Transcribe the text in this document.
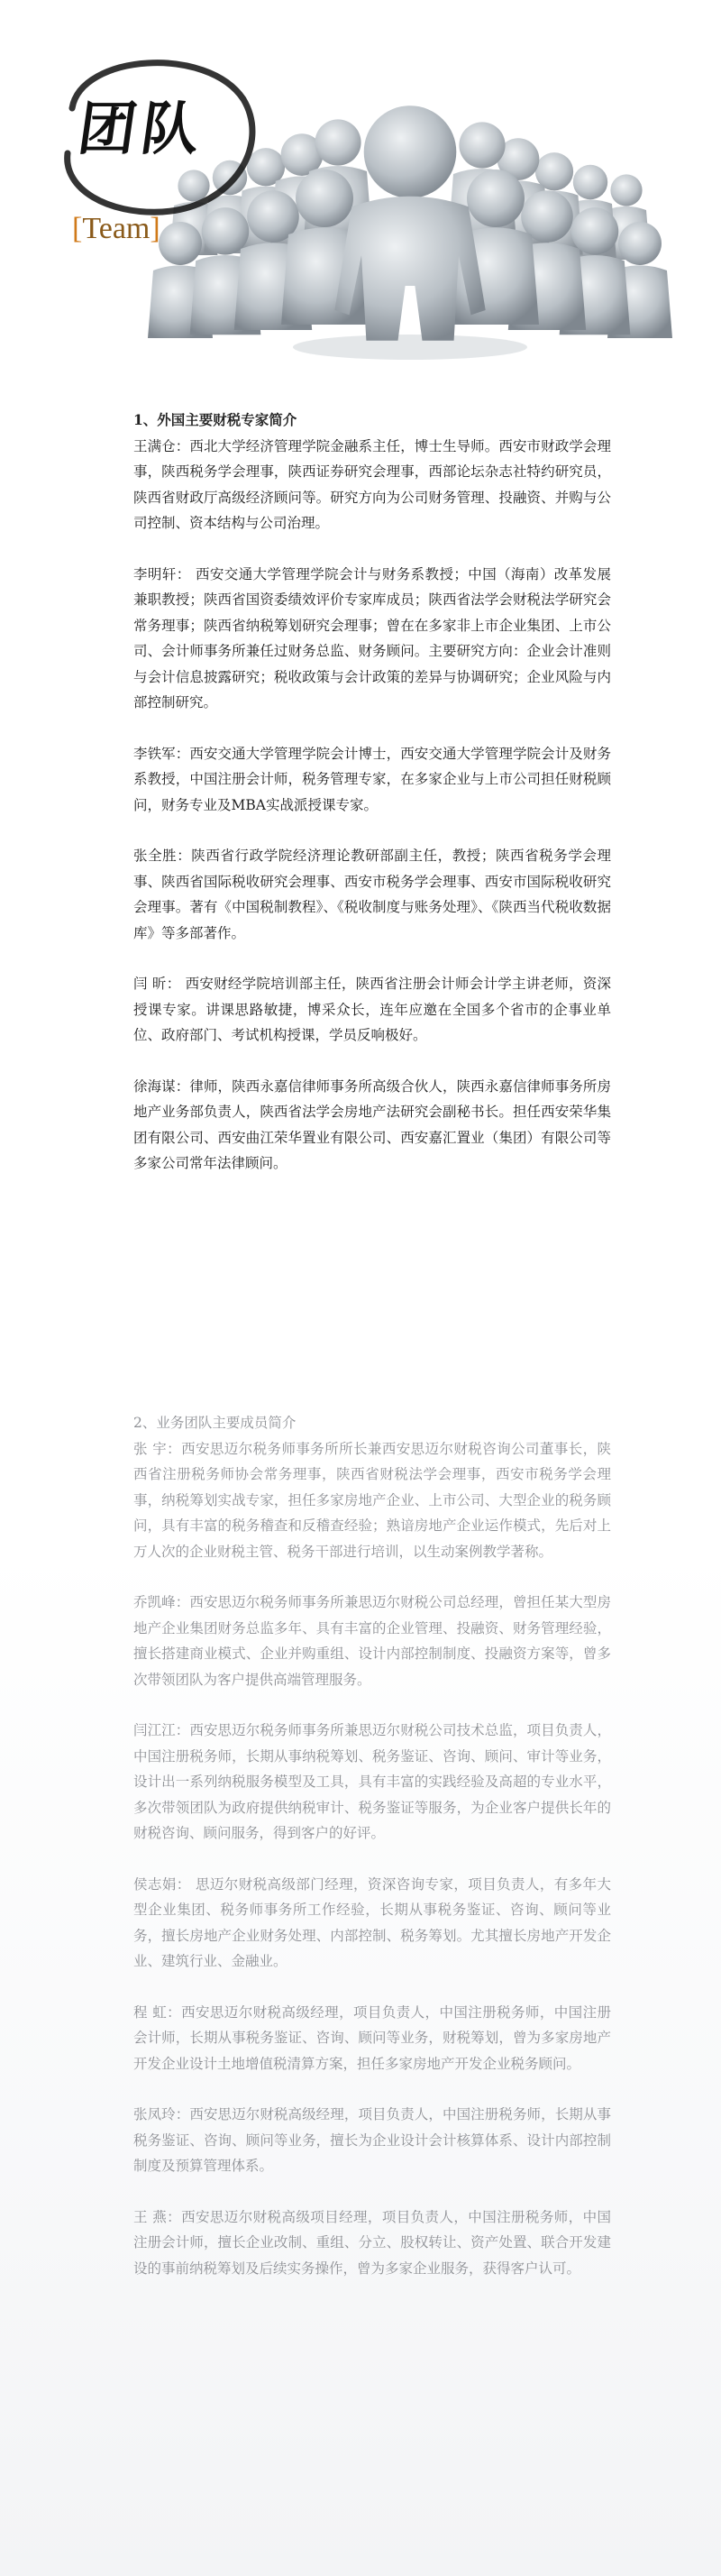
团队
[Team]

1、外国主要财税专家简介

王满仓：西北大学经济管理学院金融系主任，博士生导师。西安市财政学会理事，陕西税务学会理事，陕西证券研究会理事，西部论坛杂志社特约研究员，陕西省财政厅高级经济顾问等。研究方向为公司财务管理、投融资、并购与公司控制、资本结构与公司治理。

李明轩： 西安交通大学管理学院会计与财务系教授；中国（海南）改革发展兼职教授；陕西省国资委绩效评价专家库成员；陕西省法学会财税法学研究会常务理事；陕西省纳税筹划研究会理事；曾在在多家非上市企业集团、上市公司、会计师事务所兼任过财务总监、财务顾问。主要研究方向：企业会计准则与会计信息披露研究；税收政策与会计政策的差异与协调研究；企业风险与内部控制研究。

李铁军：西安交通大学管理学院会计博士，西安交通大学管理学院会计及财务系教授，中国注册会计师，税务管理专家，在多家企业与上市公司担任财税顾问，财务专业及MBA实战派授课专家。

张全胜：陕西省行政学院经济理论教研部副主任，教授；陕西省税务学会理事、陕西省国际税收研究会理事、西安市税务学会理事、西安市国际税收研究会理事。著有《中国税制教程》、《税收制度与账务处理》、《陕西当代税收数据库》等多部著作。

闫 昕： 西安财经学院培训部主任，陕西省注册会计师会计学主讲老师，资深授课专家。讲课思路敏捷，博采众长，连年应邀在全国多个省市的企事业单位、政府部门、考试机构授课，学员反响极好。

徐海谋：律师，陕西永嘉信律师事务所高级合伙人，陕西永嘉信律师事务所房地产业务部负责人，陕西省法学会房地产法研究会副秘书长。担任西安荣华集团有限公司、西安曲江荣华置业有限公司、西安嘉汇置业（集团）有限公司等多家公司常年法律顾问。

2、业务团队主要成员简介

张 宇：西安思迈尔税务师事务所所长兼西安思迈尔财税咨询公司董事长，陕西省注册税务师协会常务理事，陕西省财税法学会理事，西安市税务学会理事，纳税筹划实战专家，担任多家房地产企业、上市公司、大型企业的税务顾问，具有丰富的税务稽查和反稽查经验；熟谙房地产企业运作模式，先后对上万人次的企业财税主管、税务干部进行培训，以生动案例教学著称。

乔凯峰：西安思迈尔税务师事务所兼思迈尔财税公司总经理，曾担任某大型房地产企业集团财务总监多年、具有丰富的企业管理、投融资、财务管理经验，擅长搭建商业模式、企业并购重组、设计内部控制制度、投融资方案等，曾多次带领团队为客户提供高端管理服务。

闫江江：西安思迈尔税务师事务所兼思迈尔财税公司技术总监，项目负责人，中国注册税务师，长期从事纳税筹划、税务鉴证、咨询、顾问、审计等业务，设计出一系列纳税服务模型及工具，具有丰富的实践经验及高超的专业水平，多次带领团队为政府提供纳税审计、税务鉴证等服务，为企业客户提供长年的财税咨询、顾问服务，得到客户的好评。

侯志娟： 思迈尔财税高级部门经理，资深咨询专家，项目负责人，有多年大型企业集团、税务师事务所工作经验，长期从事税务鉴证、咨询、顾问等业务，擅长房地产企业财务处理、内部控制、税务筹划。尤其擅长房地产开发企业、建筑行业、金融业。

程 虹：西安思迈尔财税高级经理，项目负责人，中国注册税务师，中国注册会计师，长期从事税务鉴证、咨询、顾问等业务，财税筹划，曾为多家房地产开发企业设计土地增值税清算方案，担任多家房地产开发企业税务顾问。

张凤玲：西安思迈尔财税高级经理，项目负责人，中国注册税务师，长期从事税务鉴证、咨询、顾问等业务，擅长为企业设计会计核算体系、设计内部控制制度及预算管理体系。

王 燕：西安思迈尔财税高级项目经理，项目负责人，中国注册税务师，中国注册会计师，擅长企业改制、重组、分立、股权转让、资产处置、联合开发建设的事前纳税筹划及后续实务操作，曾为多家企业服务，获得客户认可。
